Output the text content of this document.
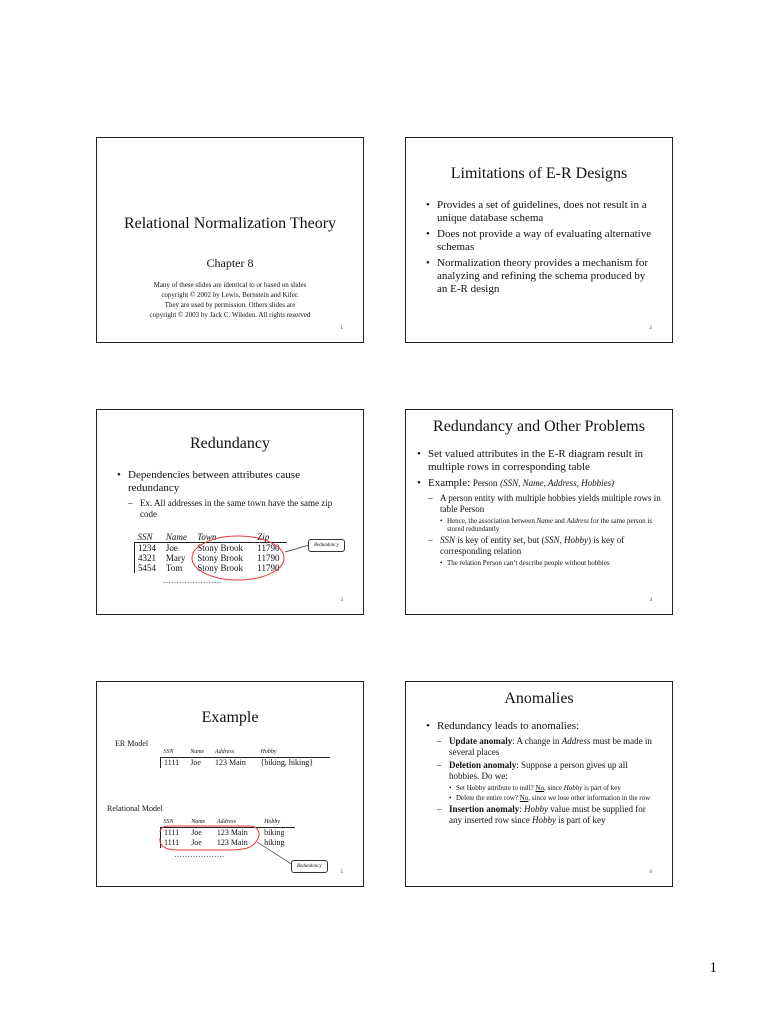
Relational Normalization Theory
Chapter 8
Many of these slides are identical to or based on slides
copyright © 2002 by Lewis, Bernstein and Kifer.
They are used by permission. Others slides are
copyright © 2003 by Jack C. Wileden. All rights reserved
1
Limitations of E-R Designs
• Provides a set of guidelines, does not result in a unique database schema
• Does not provide a way of evaluating alternative schemas
• Normalization theory provides a mechanism for analyzing and refining the schema produced by an E-R design
2
Redundancy
• Dependencies between attributes cause redundancy
– Ex. All addresses in the same town have the same zip code
SSN	Name	Town	Zip
1234	Joe	Stony Brook	11790
4321	Mary	Stony Brook	11790
5454	Tom	Stony Brook	11790
………………….
Redundancy
3
Redundancy and Other Problems
• Set valued attributes in the E-R diagram result in multiple rows in corresponding table
• Example: Person (SSN, Name, Address, Hobbies)
– A person entity with multiple hobbies yields multiple rows in table Person
• Hence, the association between Name and Address for the same person is stored redundantly
– SSN is key of entity set, but (SSN, Hobby) is key of corresponding relation
• The relation Person can’t describe people without hobbies
4
Example
ER Model
SSN	Name	Address	Hobby
1111	Joe	123 Main	{biking, hiking}
Relational Model
SSN	Name	Address	Hobby
1111	Joe	123 Main	biking
1111	Joe	123 Main	hiking
……………….
Redundancy
5
Anomalies
• Redundancy leads to anomalies:
– Update anomaly: A change in Address must be made in several places
– Deletion anomaly: Suppose a person gives up all hobbies. Do we:
• Set Hobby attribute to null? No, since Hobby is part of key
• Delete the entire row? No, since we lose other information in the row
– Insertion anomaly: Hobby value must be supplied for any inserted row since Hobby is part of key
6
1
